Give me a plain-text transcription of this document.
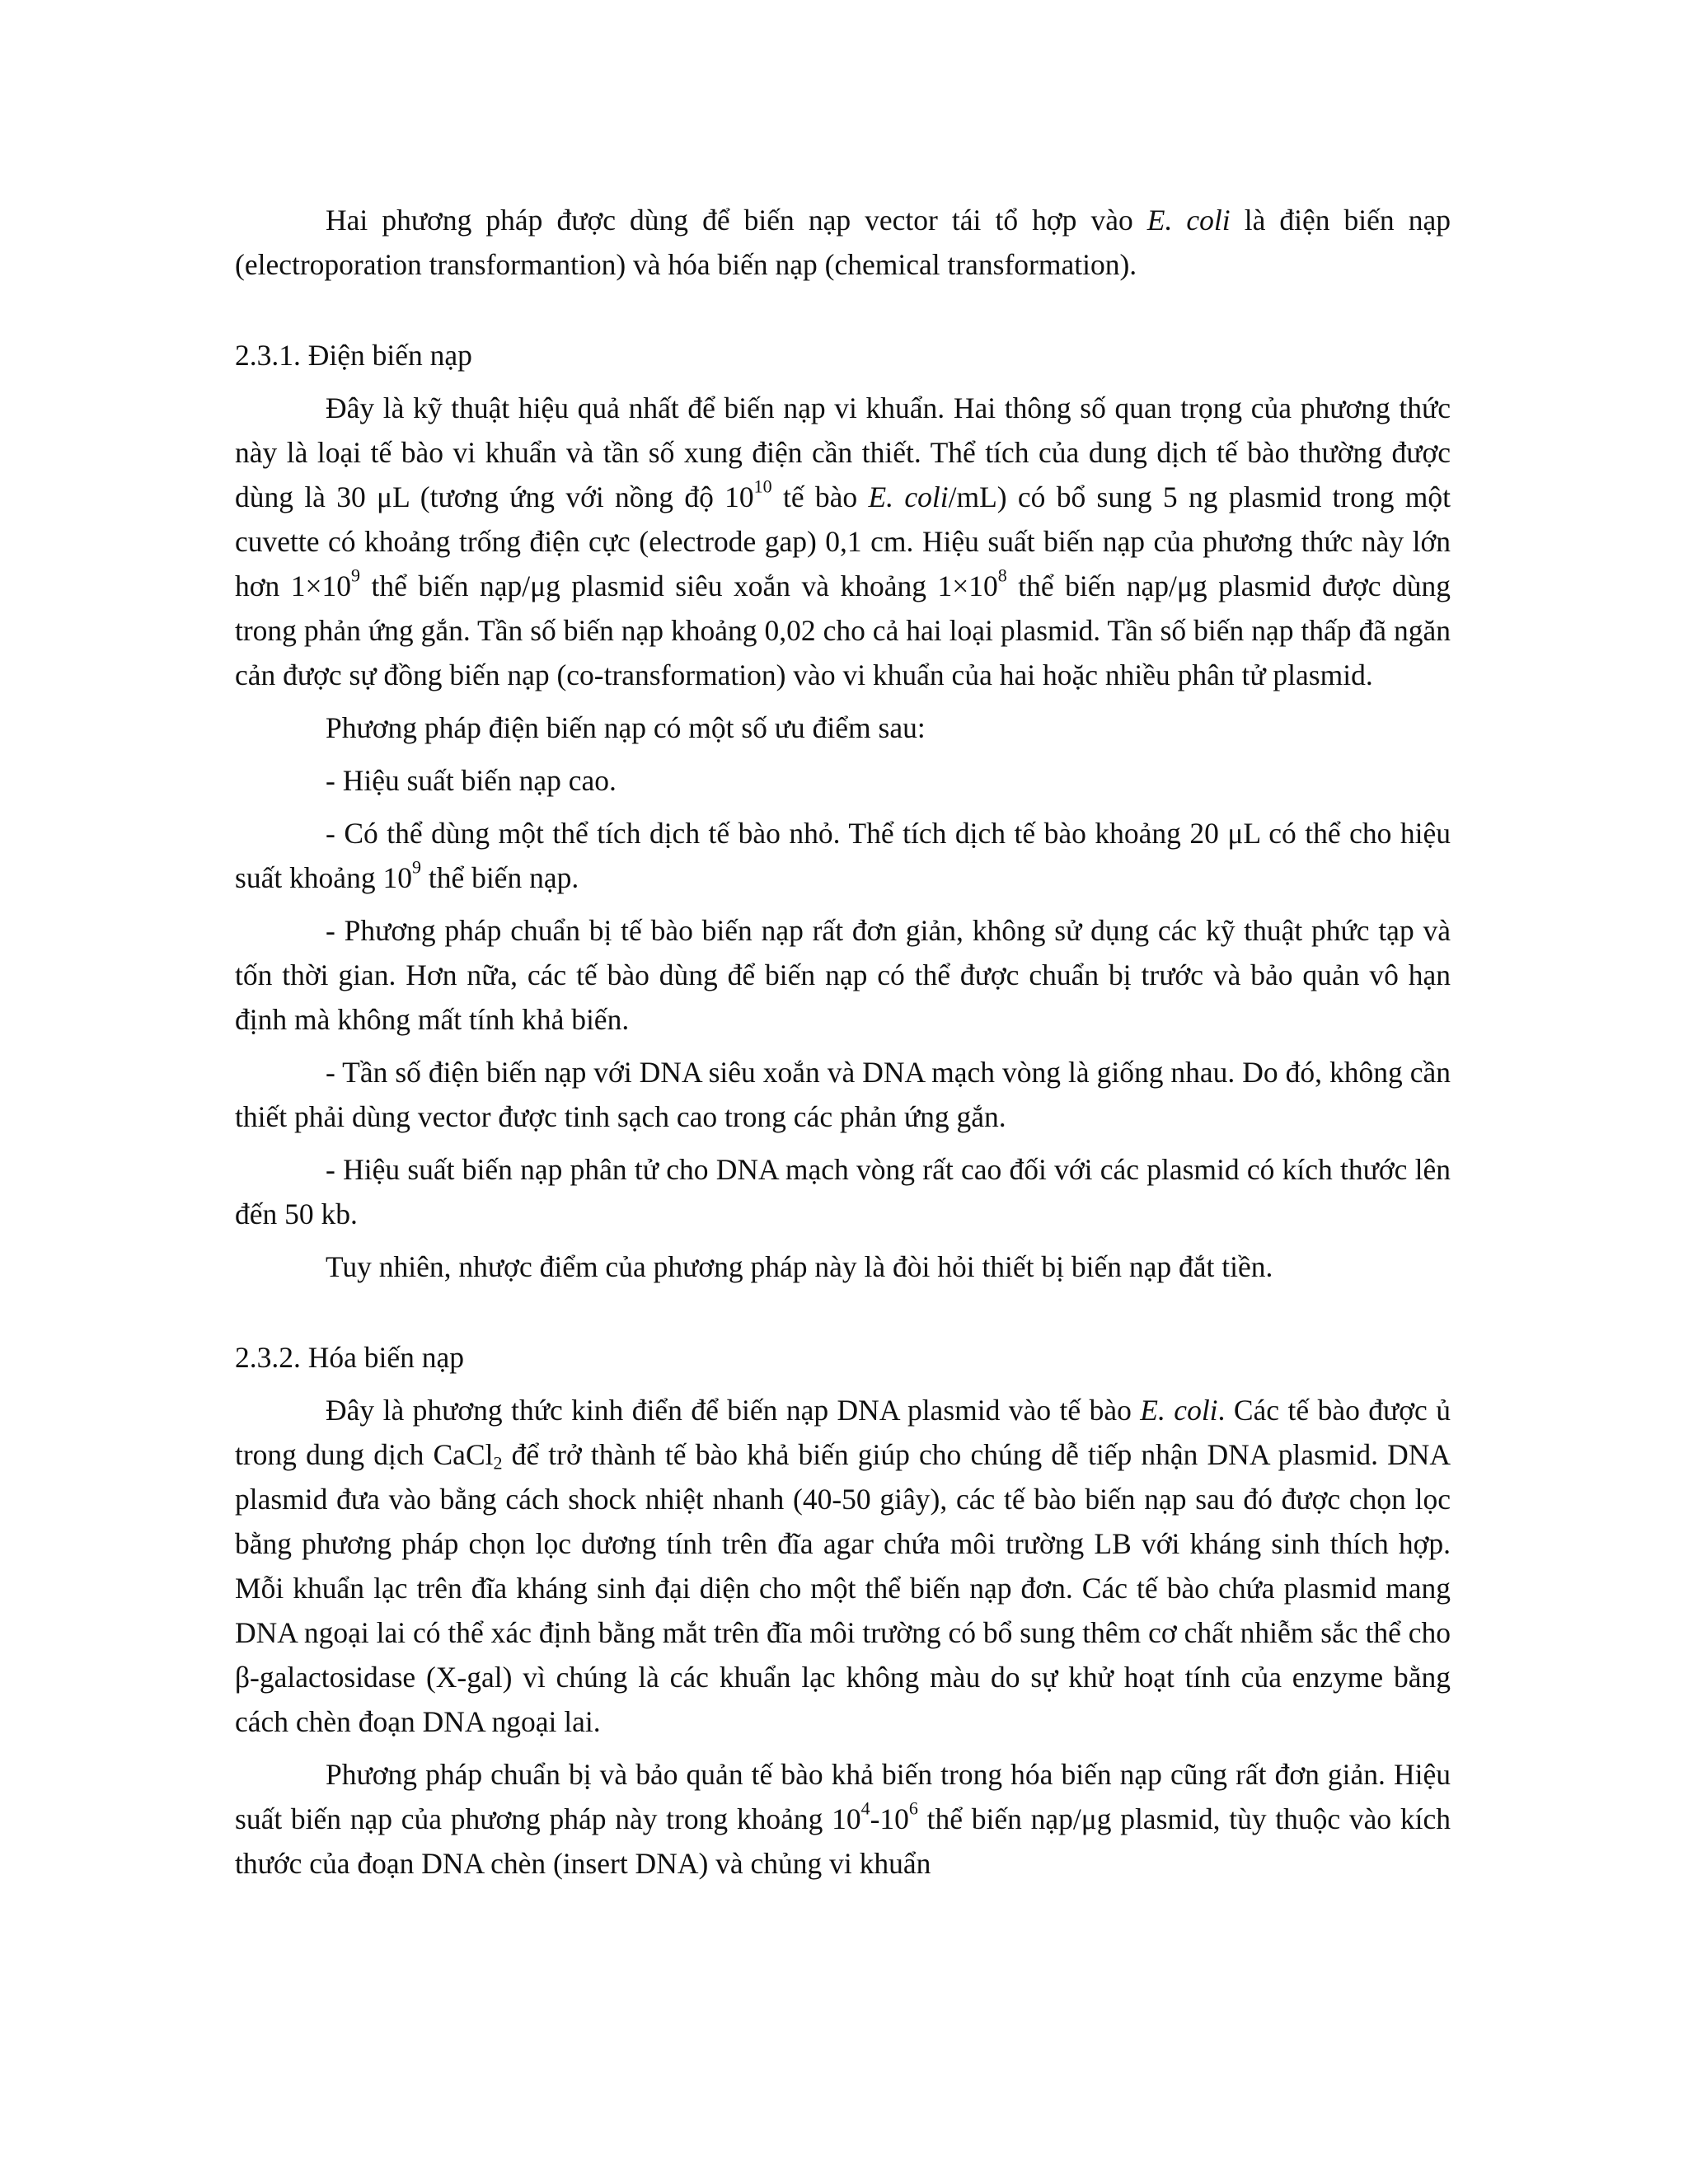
Hai phương pháp được dùng để biến nạp vector tái tổ hợp vào E. coli là điện biến nạp (electroporation transformantion) và hóa biến nạp (chemical transformation).

2.3.1. Điện biến nạp

Đây là kỹ thuật hiệu quả nhất để biến nạp vi khuẩn. Hai thông số quan trọng của phương thức này là loại tế bào vi khuẩn và tần số xung điện cần thiết. Thể tích của dung dịch tế bào thường được dùng là 30 μL (tương ứng với nồng độ $10^{10}$ tế bào E. coli/mL) có bổ sung 5 ng plasmid trong một cuvette có khoảng trống điện cực (electrode gap) 0,1 cm. Hiệu suất biến nạp của phương thức này lớn hơn $1\times 10^9$ thể biến nạp/μg plasmid siêu xoắn và khoảng $1\times 10^8$ thể biến nạp/μg plasmid được dùng trong phản ứng gắn. Tần số biến nạp khoảng 0,02 cho cả hai loại plasmid. Tần số biến nạp thấp đã ngăn cản được sự đồng biến nạp (co-transformation) vào vi khuẩn của hai hoặc nhiều phân tử plasmid.

Phương pháp điện biến nạp có một số ưu điểm sau:

- Hiệu suất biến nạp cao.

- Có thể dùng một thể tích dịch tế bào nhỏ. Thể tích dịch tế bào khoảng 20 μL có thể cho hiệu suất khoảng $10^9$ thể biến nạp.

- Phương pháp chuẩn bị tế bào biến nạp rất đơn giản, không sử dụng các kỹ thuật phức tạp và tốn thời gian. Hơn nữa, các tế bào dùng để biến nạp có thể được chuẩn bị trước và bảo quản vô hạn định mà không mất tính khả biến.

- Tần số điện biến nạp với DNA siêu xoắn và DNA mạch vòng là giống nhau. Do đó, không cần thiết phải dùng vector được tinh sạch cao trong các phản ứng gắn.

- Hiệu suất biến nạp phân tử cho DNA mạch vòng rất cao đối với các plasmid có kích thước lên đến 50 kb.

Tuy nhiên, nhược điểm của phương pháp này là đòi hỏi thiết bị biến nạp đắt tiền.

2.3.2. Hóa biến nạp

Đây là phương thức kinh điển để biến nạp DNA plasmid vào tế bào E. coli. Các tế bào được ủ trong dung dịch CaCl$_2$ để trở thành tế bào khả biến giúp cho chúng dễ tiếp nhận DNA plasmid. DNA plasmid đưa vào bằng cách shock nhiệt nhanh (40-50 giây), các tế bào biến nạp sau đó được chọn lọc bằng phương pháp chọn lọc dương tính trên đĩa agar chứa môi trường LB với kháng sinh thích hợp. Mỗi khuẩn lạc trên đĩa kháng sinh đại diện cho một thể biến nạp đơn. Các tế bào chứa plasmid mang DNA ngoại lai có thể xác định bằng mắt trên đĩa môi trường có bổ sung thêm cơ chất nhiễm sắc thể cho β-galactosidase (X-gal) vì chúng là các khuẩn lạc không màu do sự khử hoạt tính của enzyme bằng cách chèn đoạn DNA ngoại lai.

Phương pháp chuẩn bị và bảo quản tế bào khả biến trong hóa biến nạp cũng rất đơn giản. Hiệu suất biến nạp của phương pháp này trong khoảng $10^4-10^6$ thể biến nạp/μg plasmid, tùy thuộc vào kích thước của đoạn DNA chèn (insert DNA) và chủng vi khuẩn
